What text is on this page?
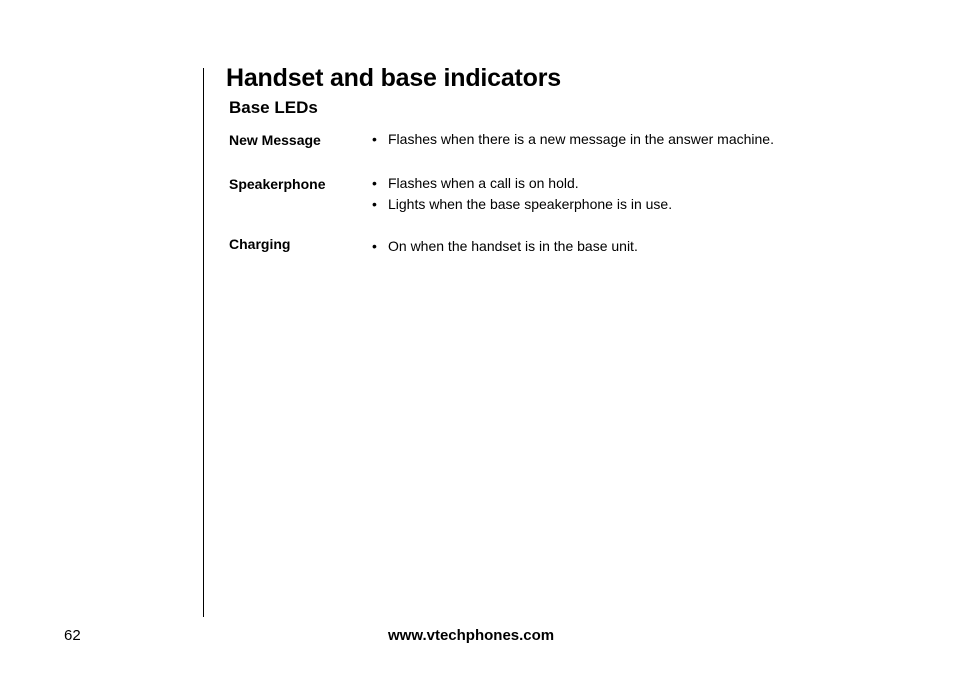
Handset and base indicators
Base LEDs
New Message	• Flashes when there is a new message in the answer machine.
Speakerphone	• Flashes when a call is on hold.
• Lights when the base speakerphone is in use.
Charging	• On when the handset is in the base unit.
62	www.vtechphones.com
